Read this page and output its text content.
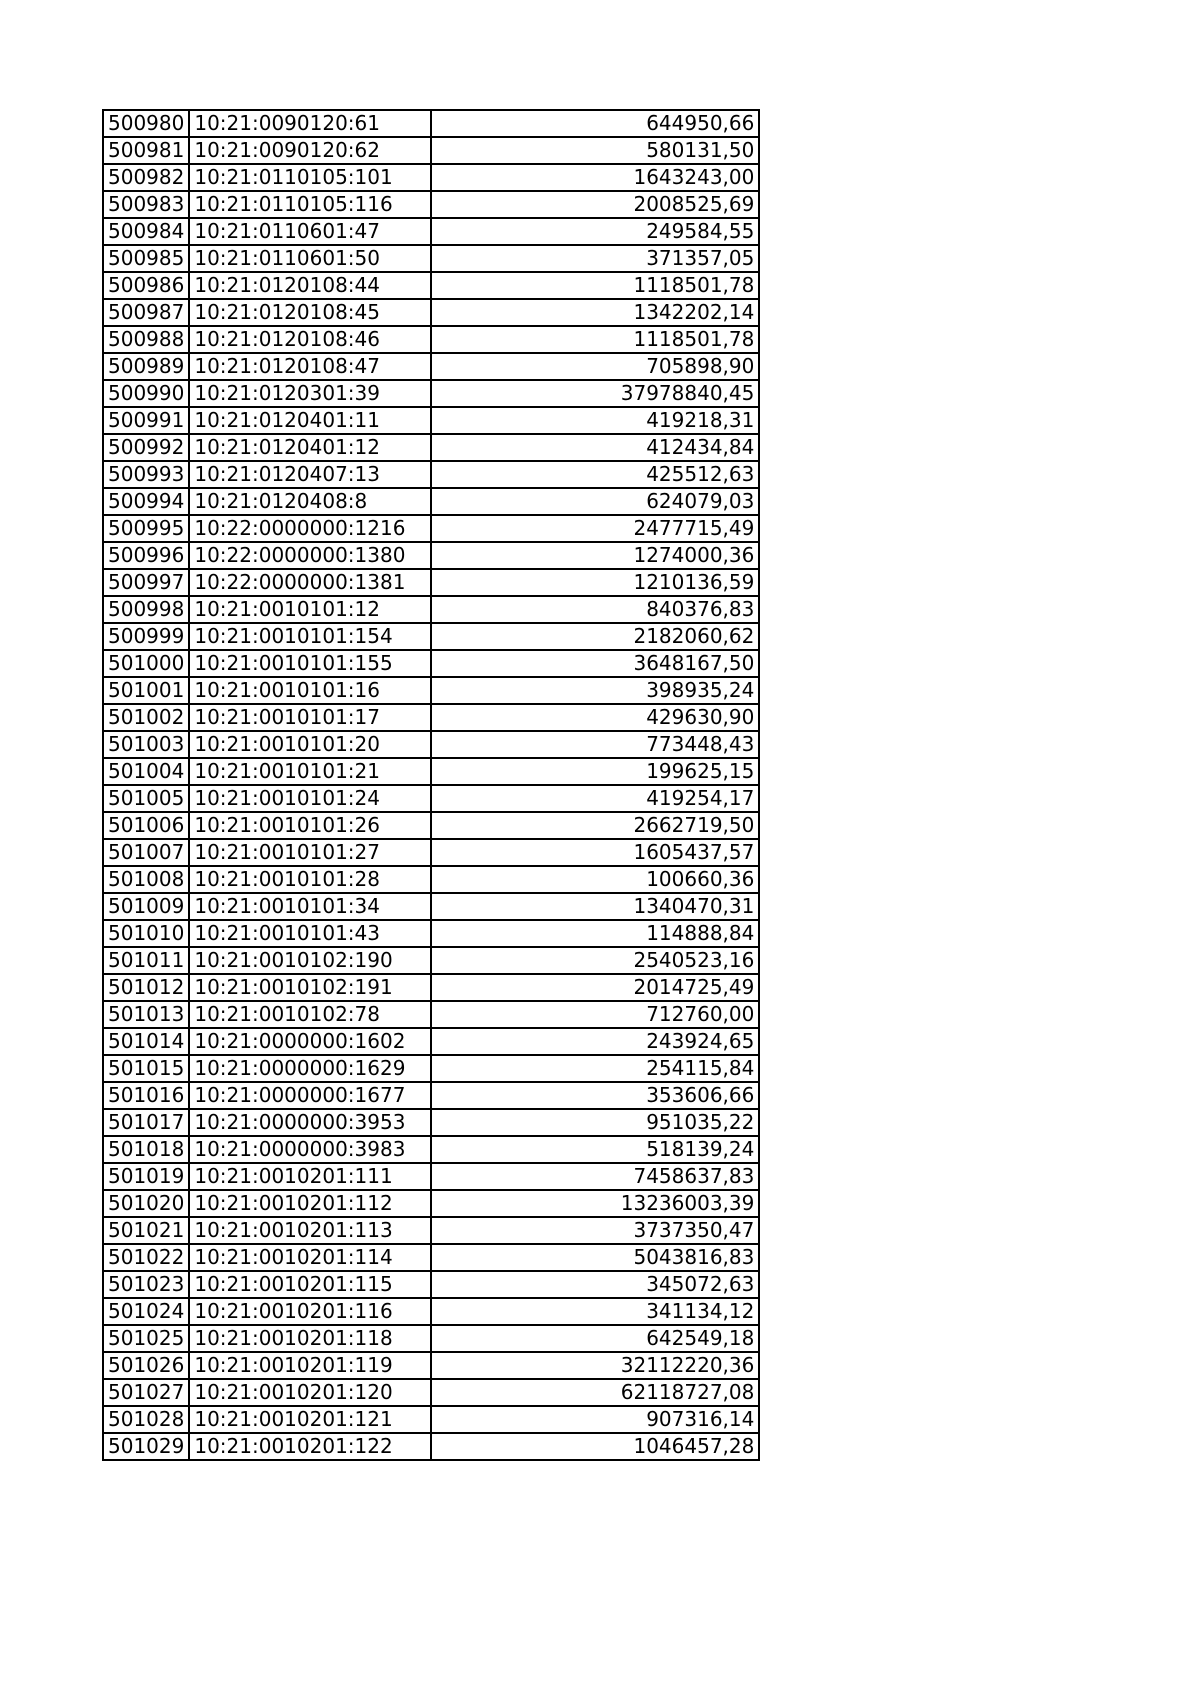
500980	10:21:0090120:61	644950,66
500981	10:21:0090120:62	580131,50
500982	10:21:0110105:101	1643243,00
500983	10:21:0110105:116	2008525,69
500984	10:21:0110601:47	249584,55
500985	10:21:0110601:50	371357,05
500986	10:21:0120108:44	1118501,78
500987	10:21:0120108:45	1342202,14
500988	10:21:0120108:46	1118501,78
500989	10:21:0120108:47	705898,90
500990	10:21:0120301:39	37978840,45
500991	10:21:0120401:11	419218,31
500992	10:21:0120401:12	412434,84
500993	10:21:0120407:13	425512,63
500994	10:21:0120408:8	624079,03
500995	10:22:0000000:1216	2477715,49
500996	10:22:0000000:1380	1274000,36
500997	10:22:0000000:1381	1210136,59
500998	10:21:0010101:12	840376,83
500999	10:21:0010101:154	2182060,62
501000	10:21:0010101:155	3648167,50
501001	10:21:0010101:16	398935,24
501002	10:21:0010101:17	429630,90
501003	10:21:0010101:20	773448,43
501004	10:21:0010101:21	199625,15
501005	10:21:0010101:24	419254,17
501006	10:21:0010101:26	2662719,50
501007	10:21:0010101:27	1605437,57
501008	10:21:0010101:28	100660,36
501009	10:21:0010101:34	1340470,31
501010	10:21:0010101:43	114888,84
501011	10:21:0010102:190	2540523,16
501012	10:21:0010102:191	2014725,49
501013	10:21:0010102:78	712760,00
501014	10:21:0000000:1602	243924,65
501015	10:21:0000000:1629	254115,84
501016	10:21:0000000:1677	353606,66
501017	10:21:0000000:3953	951035,22
501018	10:21:0000000:3983	518139,24
501019	10:21:0010201:111	7458637,83
501020	10:21:0010201:112	13236003,39
501021	10:21:0010201:113	3737350,47
501022	10:21:0010201:114	5043816,83
501023	10:21:0010201:115	345072,63
501024	10:21:0010201:116	341134,12
501025	10:21:0010201:118	642549,18
501026	10:21:0010201:119	32112220,36
501027	10:21:0010201:120	62118727,08
501028	10:21:0010201:121	907316,14
501029	10:21:0010201:122	1046457,28
